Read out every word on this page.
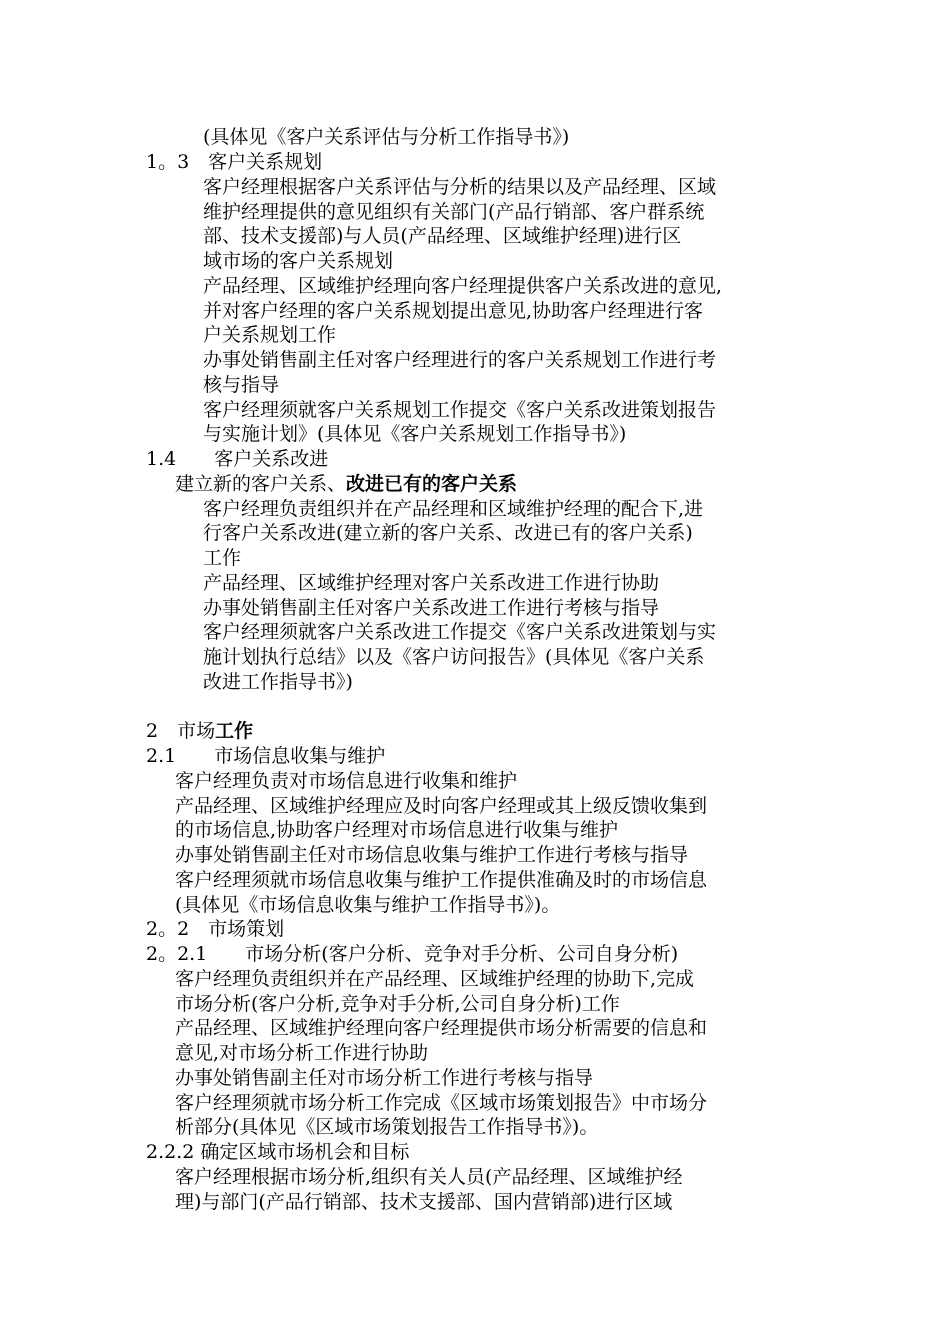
(具体见《客户关系评估与分析工作指导书》)
1。3　客户关系规划
客户经理根据客户关系评估与分析的结果以及产品经理、区域
维护经理提供的意见组织有关部门(产品行销部、客户群系统
部、技术支援部)与人员(产品经理、区域维护经理)进行区
域市场的客户关系规划
产品经理、区域维护经理向客户经理提供客户关系改进的意见,
并对客户经理的客户关系规划提出意见,协助客户经理进行客
户关系规划工作
办事处销售副主任对客户经理进行的客户关系规划工作进行考
核与指导
客户经理须就客户关系规划工作提交《客户关系改进策划报告
与实施计划》(具体见《客户关系规划工作指导书》)
1.4　　客户关系改进
建立新的客户关系、改进已有的客户关系
客户经理负责组织并在产品经理和区域维护经理的配合下,进
行客户关系改进(建立新的客户关系、改进已有的客户关系)
工作
产品经理、区域维护经理对客户关系改进工作进行协助
办事处销售副主任对客户关系改进工作进行考核与指导
客户经理须就客户关系改进工作提交《客户关系改进策划与实
施计划执行总结》以及《客户访问报告》(具体见《客户关系
改进工作指导书》)
2　市场工作
2.1　　市场信息收集与维护
客户经理负责对市场信息进行收集和维护
产品经理、区域维护经理应及时向客户经理或其上级反馈收集到
的市场信息,协助客户经理对市场信息进行收集与维护
办事处销售副主任对市场信息收集与维护工作进行考核与指导
客户经理须就市场信息收集与维护工作提供准确及时的市场信息
(具体见《市场信息收集与维护工作指导书》)。
2。2　市场策划
2。2.1　　市场分析(客户分析、竞争对手分析、公司自身分析)
客户经理负责组织并在产品经理、区域维护经理的协助下,完成
市场分析(客户分析,竞争对手分析,公司自身分析)工作
产品经理、区域维护经理向客户经理提供市场分析需要的信息和
意见,对市场分析工作进行协助
办事处销售副主任对市场分析工作进行考核与指导
客户经理须就市场分析工作完成《区域市场策划报告》中市场分
析部分(具体见《区域市场策划报告工作指导书》)。
2.2.2 确定区域市场机会和目标
客户经理根据市场分析,组织有关人员(产品经理、区域维护经
理)与部门(产品行销部、技术支援部、国内营销部)进行区域
